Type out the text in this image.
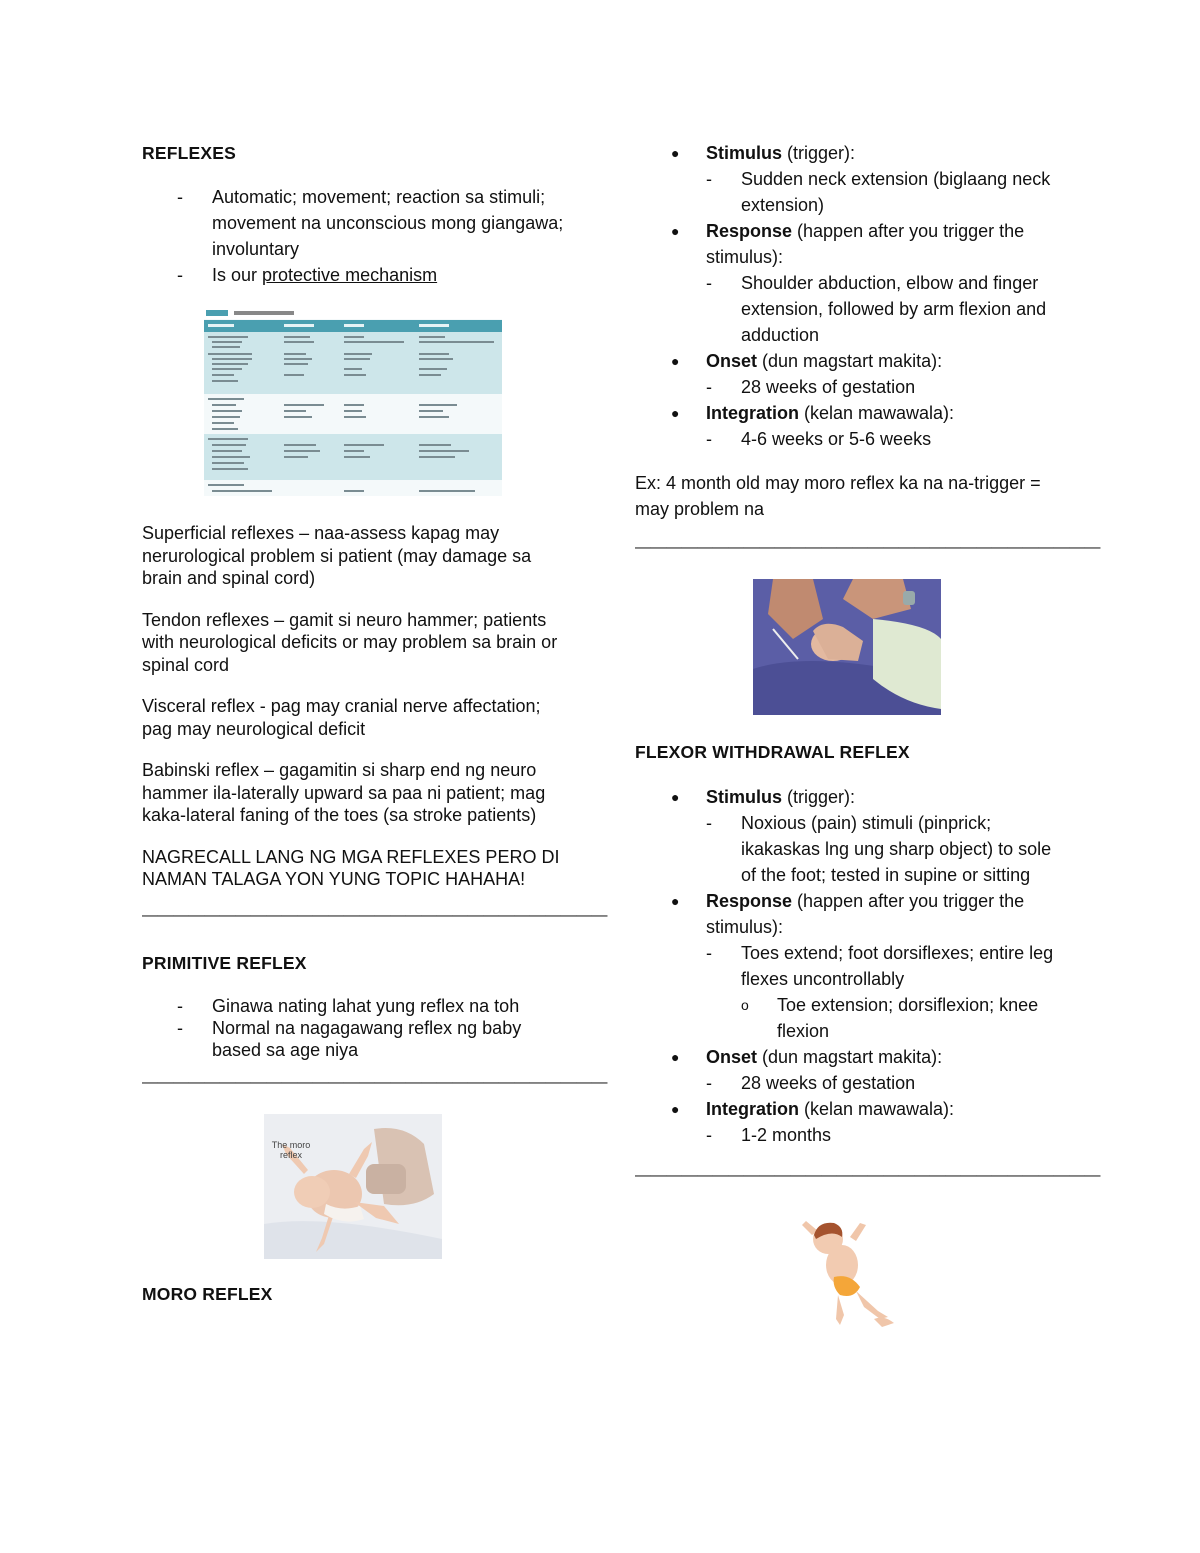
REFLEXES
- Automatic; movement; reaction sa stimuli; movement na unconscious mong giangawa; involuntary
- Is our protective mechanism
Superficial reflexes – naa-assess kapag may nerurological problem si patient (may damage sa brain and spinal cord)
Tendon reflexes – gamit si neuro hammer; patients with neurological deficits or may problem sa brain or spinal cord
Visceral reflex - pag may cranial nerve affectation; pag may neurological deficit
Babinski reflex – gagamitin si sharp end ng neuro hammer ila-laterally upward sa paa ni patient; mag kaka-lateral faning of the toes (sa stroke patients)
NAGRECALL LANG NG MGA REFLEXES PERO DI NAMAN TALAGA YON YUNG TOPIC HAHAHA!
——————————————————————————————
PRIMITIVE REFLEX
- Ginawa nating lahat yung reflex na toh
- Normal na nagagawang reflex ng baby based sa age niya
——————————————————————————————
The moro reflex
MORO REFLEX
● Stimulus (trigger):
- Sudden neck extension (biglaang neck extension)
● Response (happen after you trigger the stimulus):
- Shoulder abduction, elbow and finger extension, followed by arm flexion and adduction
● Onset (dun magstart makita):
- 28 weeks of gestation
● Integration (kelan mawawala):
- 4-6 weeks or 5-6 weeks
Ex: 4 month old may moro reflex ka na na-trigger = may problem na
——————————————————————————————
FLEXOR WITHDRAWAL REFLEX
● Stimulus (trigger):
- Noxious (pain) stimuli (pinprick; ikakaskas lng ung sharp object) to sole of the foot; tested in supine or sitting
● Response (happen after you trigger the stimulus):
- Toes extend; foot dorsiflexes; entire leg flexes uncontrollably
o Toe extension; dorsiflexion; knee flexion
● Onset (dun magstart makita):
- 28 weeks of gestation
● Integration (kelan mawawala):
- 1-2 months
——————————————————————————————
